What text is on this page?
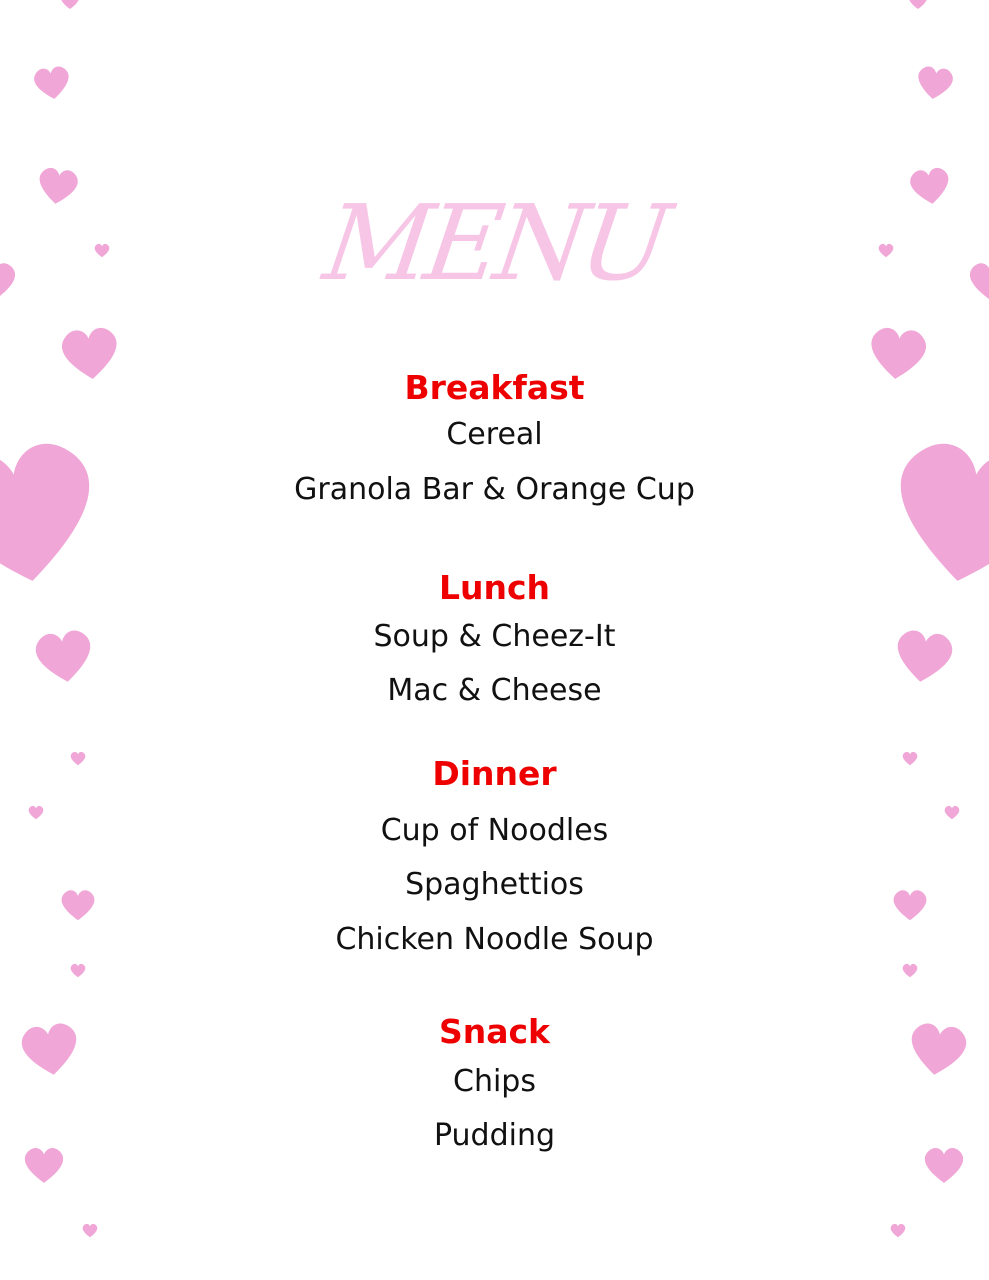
MENU
Breakfast
Cereal
Granola Bar & Orange Cup
Lunch
Soup & Cheez-It
Mac & Cheese
Dinner
Cup of Noodles
Spaghettios
Chicken Noodle Soup
Snack
Chips
Pudding
